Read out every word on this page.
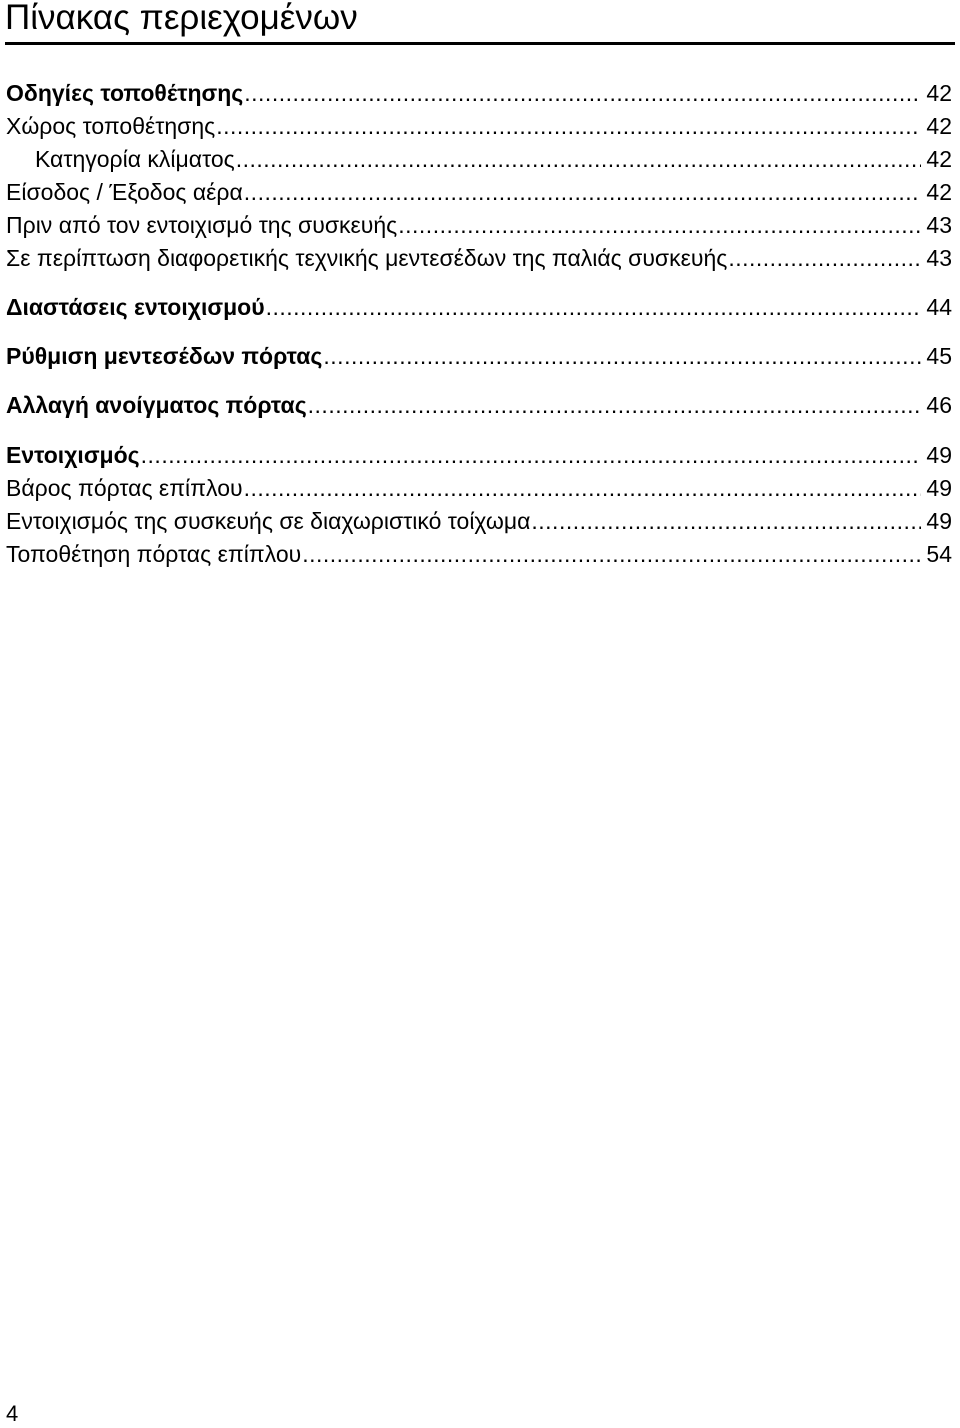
Πίνακας περιεχομένων
Οδηγίες τοποθέτησης .....	42
Χώρος τοποθέτησης .....	42
Κατηγορία κλίματος .....	42
Είσοδος / Έξοδος αέρα .....	42
Πριν από τον εντοιχισμό της συσκευής .....	43
Σε περίπτωση διαφορετικής τεχνικής μεντεσέδων της παλιάς συσκευής .....	43
Διαστάσεις εντοιχισμού .....	44
Ρύθμιση μεντεσέδων πόρτας .....	45
Αλλαγή ανοίγματος πόρτας .....	46
Εντοιχισμός .....	49
Βάρος πόρτας επίπλου .....	49
Εντοιχισμός της συσκευής σε διαχωριστικό τοίχωμα .....	49
Τοποθέτηση πόρτας επίπλου .....	54
4
